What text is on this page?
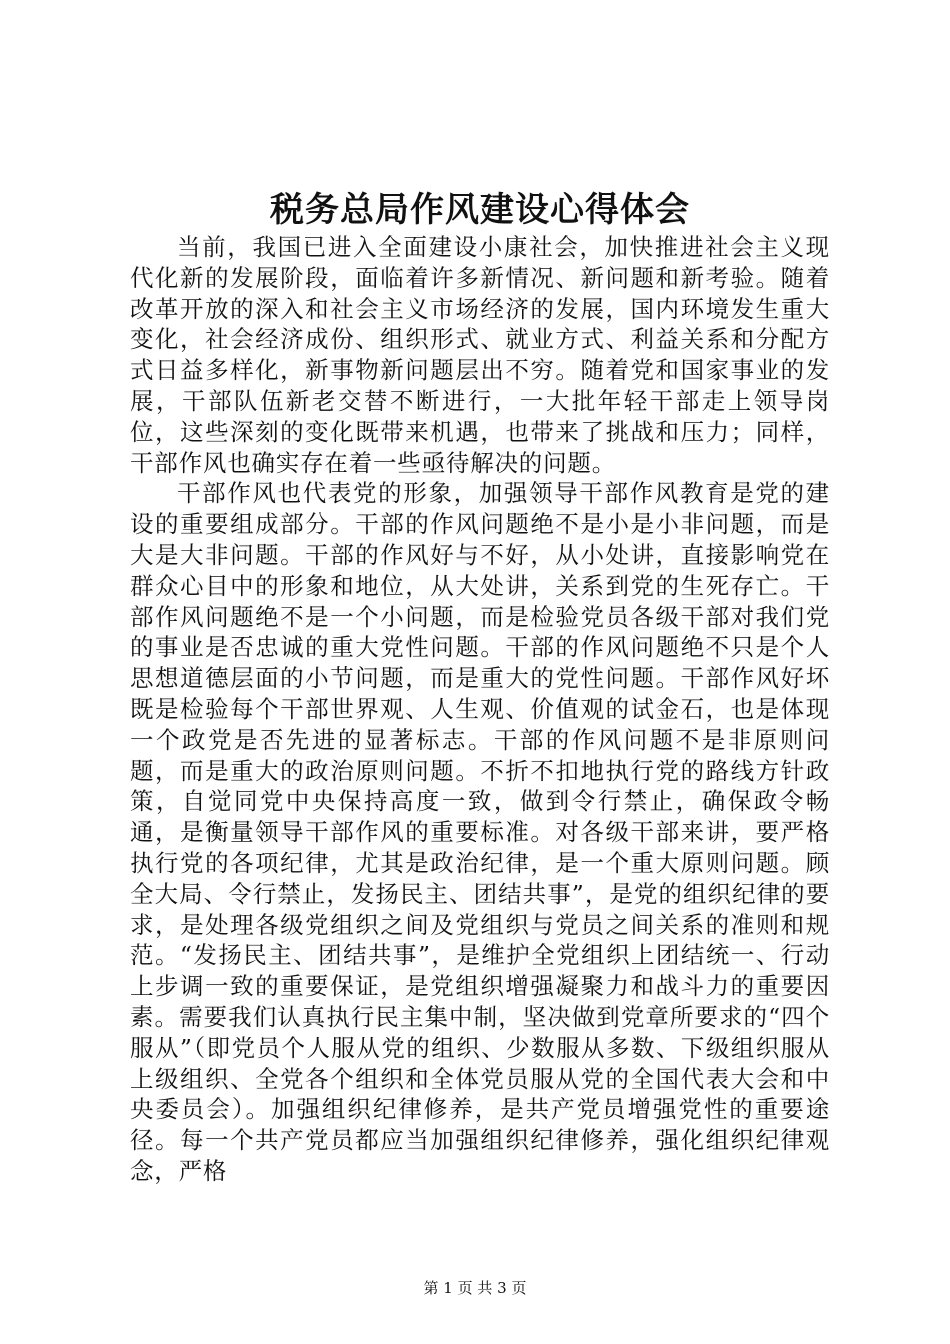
税务总局作风建设心得体会

当前，我国已进入全面建设小康社会，加快推进社会主义现代化新的发展阶段，面临着许多新情况、新问题和新考验。随着改革开放的深入和社会主义市场经济的发展，国内环境发生重大变化，社会经济成份、组织形式、就业方式、利益关系和分配方式日益多样化，新事物新问题层出不穷。随着党和国家事业的发展，干部队伍新老交替不断进行，一大批年轻干部走上领导岗位，这些深刻的变化既带来机遇，也带来了挑战和压力；同样，干部作风也确实存在着一些亟待解决的问题。

干部作风也代表党的形象，加强领导干部作风教育是党的建设的重要组成部分。干部的作风问题绝不是小是小非问题，而是大是大非问题。干部的作风好与不好，从小处讲，直接影响党在群众心目中的形象和地位，从大处讲，关系到党的生死存亡。干部作风问题绝不是一个小问题，而是检验党员各级干部对我们党的事业是否忠诚的重大党性问题。干部的作风问题绝不只是个人思想道德层面的小节问题，而是重大的党性问题。干部作风好坏既是检验每个干部世界观、人生观、价值观的试金石，也是体现一个政党是否先进的显著标志。干部的作风问题不是非原则问题，而是重大的政治原则问题。不折不扣地执行党的路线方针政策，自觉同党中央保持高度一致，做到令行禁止，确保政令畅通，是衡量领导干部作风的重要标准。对各级干部来讲，要严格执行党的各项纪律，尤其是政治纪律，是一个重大原则问题。顾全大局、令行禁止，发扬民主、团结共事”，是党的组织纪律的要求，是处理各级党组织之间及党组织与党员之间关系的准则和规范。“发扬民主、团结共事”，是维护全党组织上团结统一、行动上步调一致的重要保证，是党组织增强凝聚力和战斗力的重要因素。需要我们认真执行民主集中制，坚决做到党章所要求的“四个服从”（即党员个人服从党的组织、少数服从多数、下级组织服从上级组织、全党各个组织和全体党员服从党的全国代表大会和中央委员会）。加强组织纪律修养，是共产党员增强党性的重要途径。每一个共产党员都应当加强组织纪律修养，强化组织纪律观念，严格

第 1 页 共 3 页
